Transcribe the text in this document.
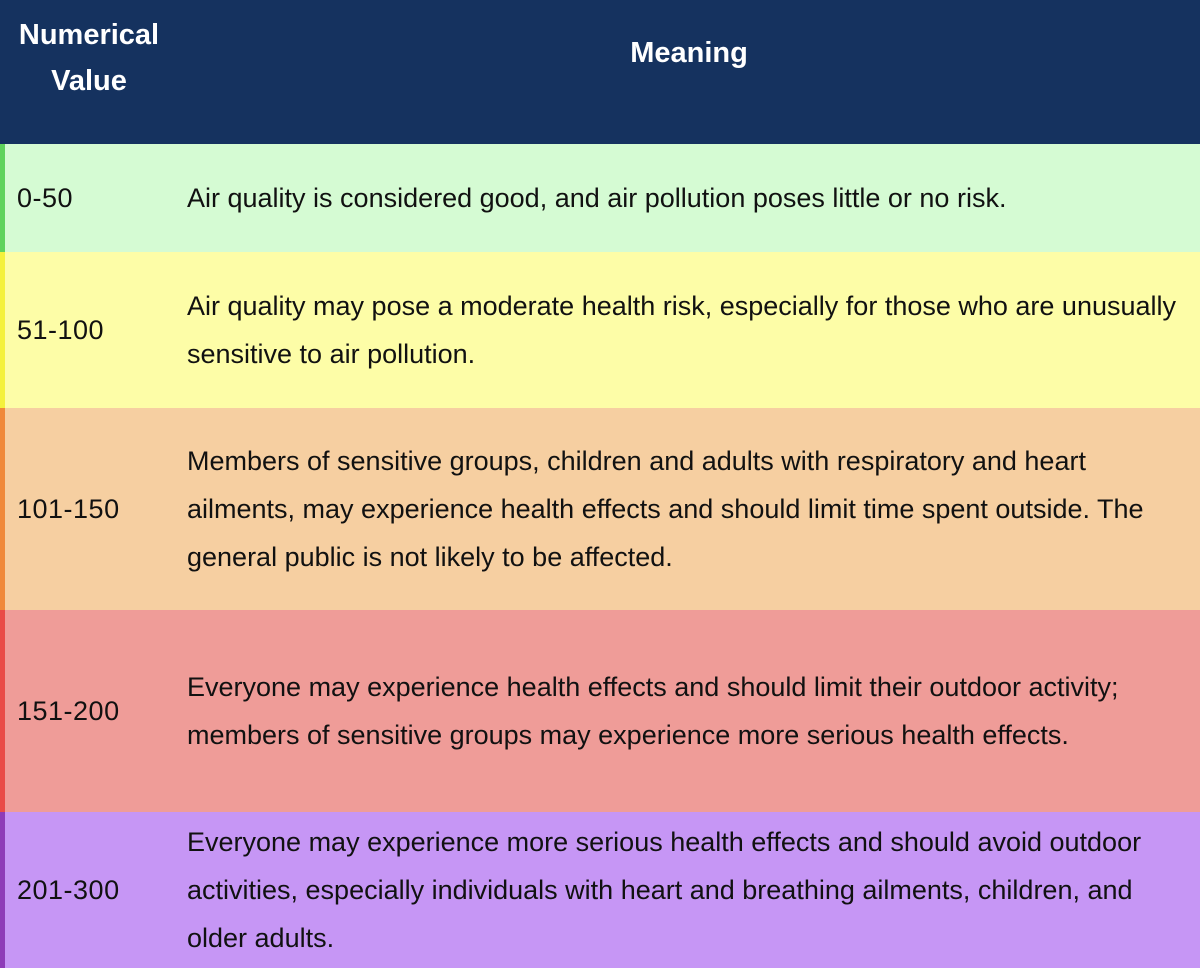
Numerical Value
Meaning
0-50	Air quality is considered good, and air pollution poses little or no risk.
51-100
Air quality may pose a moderate health risk, especially for those who are unusually sensitive to air pollution.
101-150
Members of sensitive groups, children and adults with respiratory and heart ailments, may experience health effects and should limit time spent outside. The general public is not likely to be affected.
151-200
Everyone may experience health effects and should limit their outdoor activity; members of sensitive groups may experience more serious health effects.
201-300
Everyone may experience more serious health effects and should avoid outdoor activities, especially individuals with heart and breathing ailments, children, and older adults.
